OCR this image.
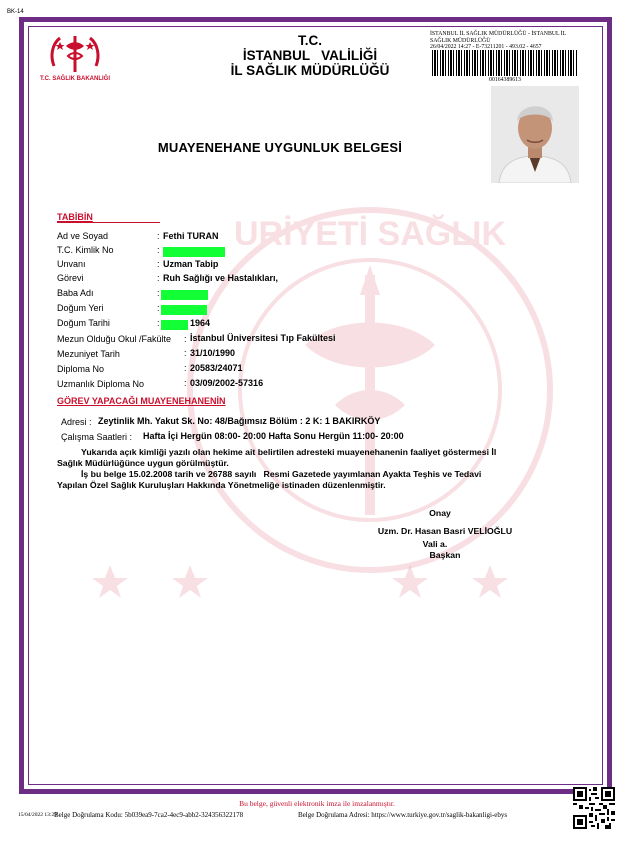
BK-14
URİYETİ SAĞLIK
T.C. SAĞLIK BAKANLIĞI
T.C.
İSTANBUL   VALİLİĞİ
İL SAĞLIK MÜDÜRLÜĞÜ
İSTANBUL İL SAĞLIK MÜDÜRLÜĞÜ - İSTANBUL İL
SAĞLIK MÜDÜRLÜĞÜ
26/04/2022 14:27 - E-73211201 - 493.02 - 4657
00164389613
MUAYENEHANE UYGUNLUK BELGESİ
TABİBİN
Ad ve Soyad	: Fethi TURAN
T.C. Kimlik No	:
Unvanı	: Uzman Tabip
Görevi	: Ruh Sağlığı ve Hastalıkları,
Baba Adı	:
Doğum Yeri	:
Doğum Tarihi	:	1964
Mezun Olduğu Okul /Fakülte : İstanbul Üniversitesi Tıp Fakültesi
Mezuniyet Tarih	: 31/10/1990
Diploma No	: 20583/24071
Uzmanlık Diploma No	: 03/09/2002-57316
GÖREV YAPACAĞI MUAYENEHANENİN
Adresi : Zeytinlik Mh. Yakut Sk. No: 48/Bağımsız Bölüm : 2 K: 1 BAKIRKÖY
Çalışma Saatleri : Hafta İçi Hergün 08:00- 20:00 Hafta Sonu Hergün 11:00- 20:00
Yukarıda açık kimliği yazılı olan hekime ait belirtilen adresteki muayenehanenin faaliyet göstermesi İl
Sağlık Müdürlüğünce uygun görülmüştür.
İş bu belge 15.02.2008 tarih ve 26788 sayılı   Resmi Gazetede yayımlanan Ayakta Teşhis ve Tedavi
Yapılan Özel Sağlık Kuruluşları Hakkında Yönetmeliğe istinaden düzenlenmiştir.
Onay
Uzm. Dr. Hasan Basri VELİOĞLU
Vali a.
Başkan
Bu belge, güvenli elektronik imza ile imzalanmıştır.
15/04/2022 13:29
Belge Doğrulama Kodu: 5b039ea9-7ca2-4ec9-abb2-324356322178	Belge Doğrulama Adresi: https://www.turkiye.gov.tr/saglik-bakanligi-ebys
